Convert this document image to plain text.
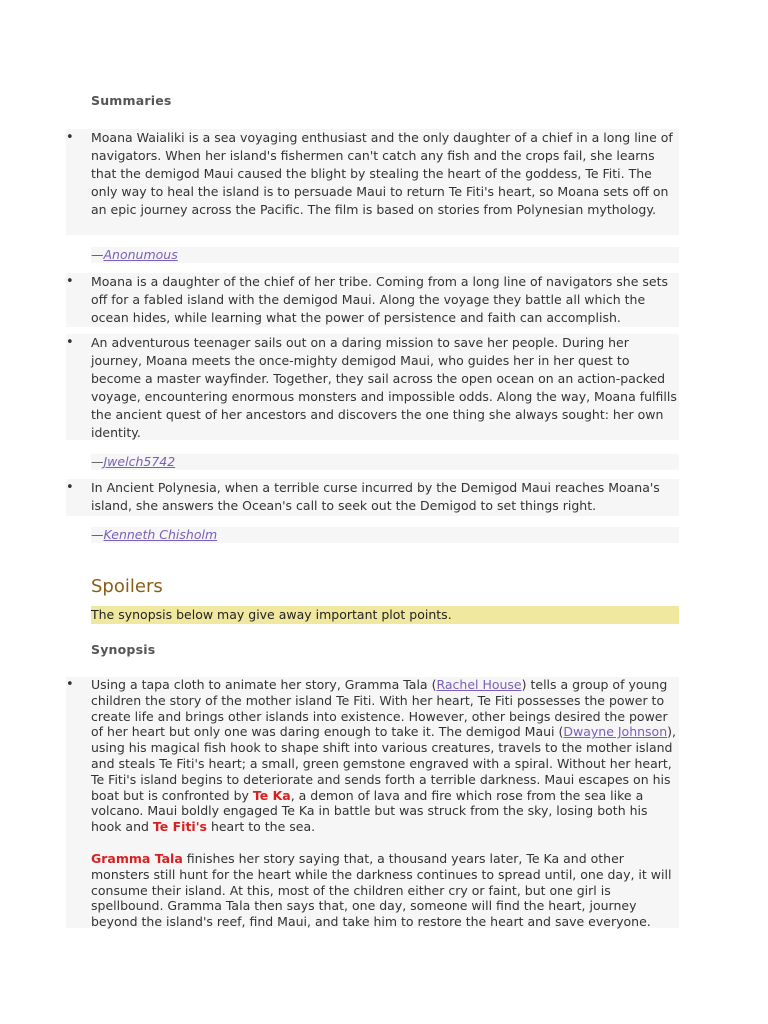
Summaries
• Moana Waialiki is a sea voyaging enthusiast and the only daughter of a chief in a long line of navigators. When her island's fishermen can't catch any fish and the crops fail, she learns that the demigod Maui caused the blight by stealing the heart of the goddess, Te Fiti. The only way to heal the island is to persuade Maui to return Te Fiti's heart, so Moana sets off on an epic journey across the Pacific. The film is based on stories from Polynesian mythology.
—Anonumous
• Moana is a daughter of the chief of her tribe. Coming from a long line of navigators she sets off for a fabled island with the demigod Maui. Along the voyage they battle all which the ocean hides, while learning what the power of persistence and faith can accomplish.
• An adventurous teenager sails out on a daring mission to save her people. During her journey, Moana meets the once-mighty demigod Maui, who guides her in her quest to become a master wayfinder. Together, they sail across the open ocean on an action-packed voyage, encountering enormous monsters and impossible odds. Along the way, Moana fulfills the ancient quest of her ancestors and discovers the one thing she always sought: her own identity.
—Jwelch5742
• In Ancient Polynesia, when a terrible curse incurred by the Demigod Maui reaches Moana's island, she answers the Ocean's call to seek out the Demigod to set things right.
—Kenneth Chisholm
Spoilers
The synopsis below may give away important plot points.
Synopsis
• Using a tapa cloth to animate her story, Gramma Tala (Rachel House) tells a group of young children the story of the mother island Te Fiti. With her heart, Te Fiti possesses the power to create life and brings other islands into existence. However, other beings desired the power of her heart but only one was daring enough to take it. The demigod Maui (Dwayne Johnson), using his magical fish hook to shape shift into various creatures, travels to the mother island and steals Te Fiti's heart; a small, green gemstone engraved with a spiral. Without her heart, Te Fiti's island begins to deteriorate and sends forth a terrible darkness. Maui escapes on his boat but is confronted by Te Ka, a demon of lava and fire which rose from the sea like a volcano. Maui boldly engaged Te Ka in battle but was struck from the sky, losing both his hook and Te Fiti's heart to the sea.

Gramma Tala finishes her story saying that, a thousand years later, Te Ka and other monsters still hunt for the heart while the darkness continues to spread until, one day, it will consume their island. At this, most of the children either cry or faint, but one girl is spellbound. Gramma Tala then says that, one day, someone will find the heart, journey beyond the island's reef, find Maui, and take him to restore the heart and save everyone.
